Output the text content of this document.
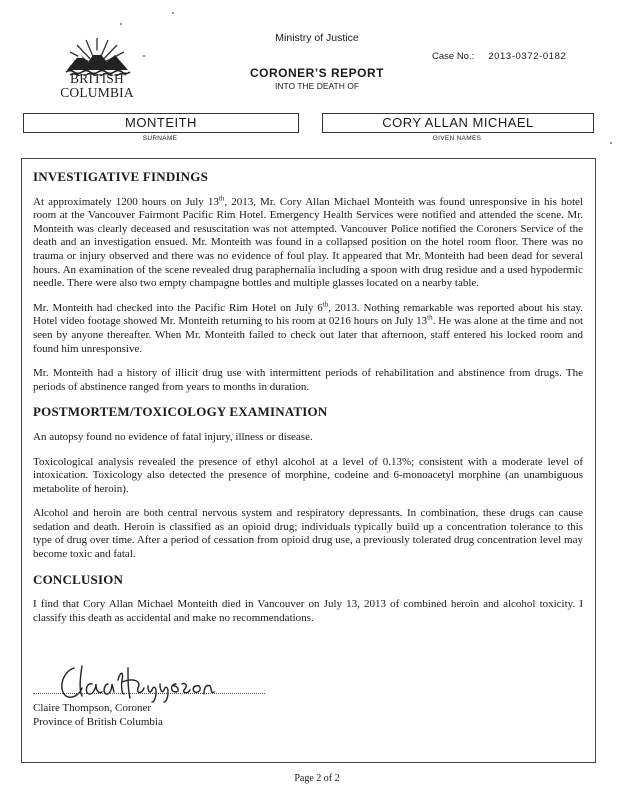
BRITISH
COLUMBIA
Ministry of Justice
Case No.: 2013-0372-0182
CORONER’S REPORT
INTO THE DEATH OF
MONTEITH	CORY ALLAN MICHAEL
SURNAME	GIVEN NAMES
INVESTIGATIVE FINDINGS

At approximately 1200 hours on July 13th, 2013, Mr. Cory Allan Michael Monteith was found unresponsive in his hotel room at the Vancouver Fairmont Pacific Rim Hotel. Emergency Health Services were notified and attended the scene. Mr. Monteith was clearly deceased and resuscitation was not attempted. Vancouver Police notified the Coroners Service of the death and an investigation ensued. Mr. Monteith was found in a collapsed position on the hotel room floor. There was no trauma or injury observed and there was no evidence of foul play. It appeared that Mr. Monteith had been dead for several hours. An examination of the scene revealed drug paraphernalia including a spoon with drug residue and a used hypodermic needle. There were also two empty champagne bottles and multiple glasses located on a nearby table.

Mr. Monteith had checked into the Pacific Rim Hotel on July 6th, 2013. Nothing remarkable was reported about his stay. Hotel video footage showed Mr. Monteith returning to his room at 0216 hours on July 13th. He was alone at the time and not seen by anyone thereafter. When Mr. Monteith failed to check out later that afternoon, staff entered his locked room and found him unresponsive.

Mr. Monteith had a history of illicit drug use with intermittent periods of rehabilitation and abstinence from drugs. The periods of abstinence ranged from years to months in duration.

POSTMORTEM/TOXICOLOGY EXAMINATION

An autopsy found no evidence of fatal injury, illness or disease.

Toxicological analysis revealed the presence of ethyl alcohol at a level of 0.13%; consistent with a moderate level of intoxication. Toxicology also detected the presence of morphine, codeine and 6-monoacetyl morphine (an unambiguous metabolite of heroin).

Alcohol and heroin are both central nervous system and respiratory depressants. In combination, these drugs can cause sedation and death. Heroin is classified as an opioid drug; individuals typically build up a concentration tolerance to this type of drug over time. After a period of cessation from opioid drug use, a previously tolerated drug concentration level may become toxic and fatal.

CONCLUSION

I find that Cory Allan Michael Monteith died in Vancouver on July 13, 2013 of combined heroin and alcohol toxicity. I classify this death as accidental and make no recommendations.

Claire Thompson, Coroner
Province of British Columbia
Page 2 of 2
